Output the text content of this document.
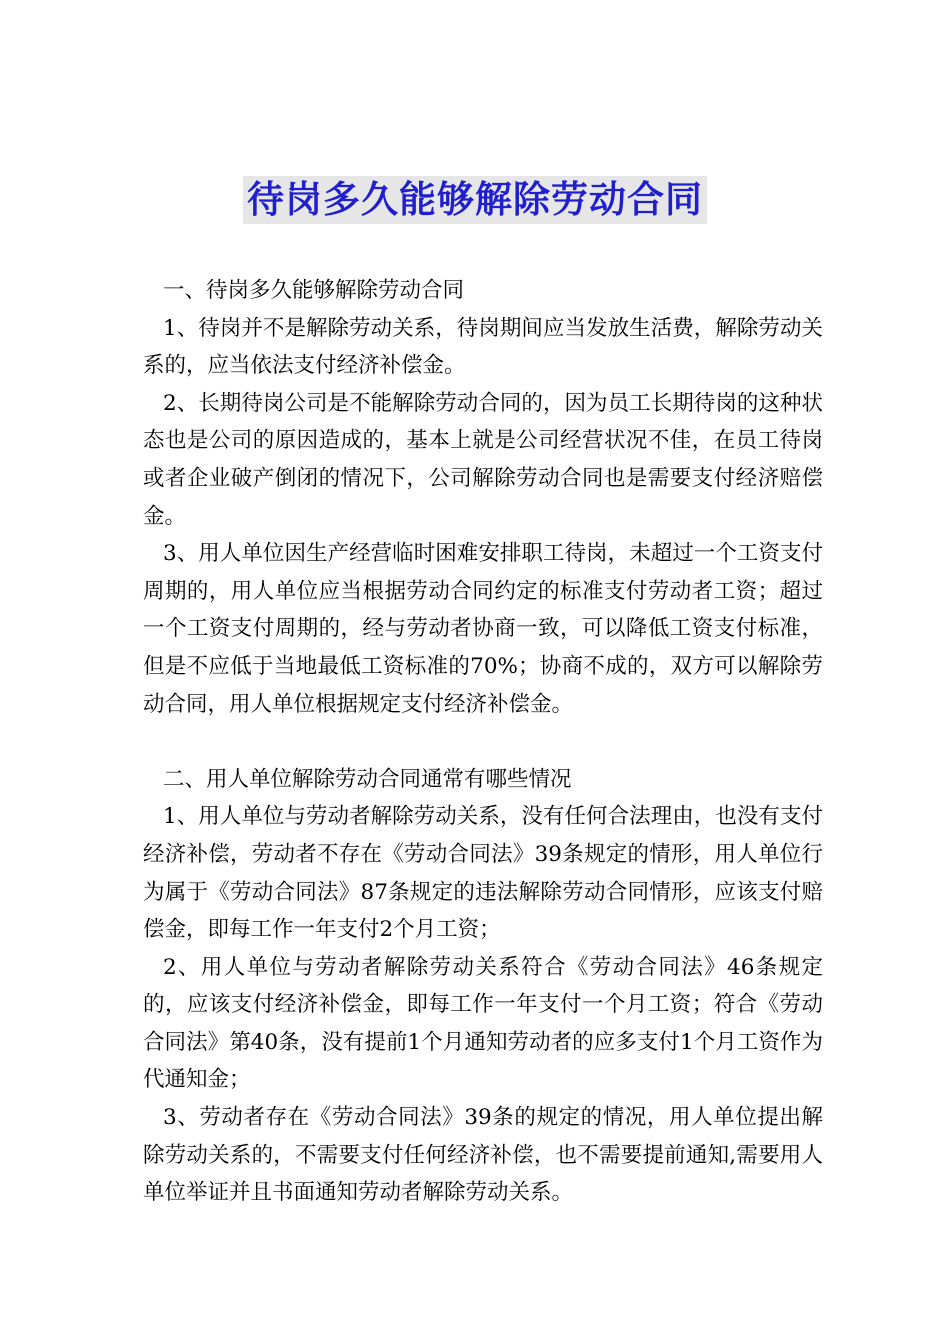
待岗多久能够解除劳动合同

一、待岗多久能够解除劳动合同

1、待岗并不是解除劳动关系，待岗期间应当发放生活费，解除劳动关系的，应当依法支付经济补偿金。

2、长期待岗公司是不能解除劳动合同的，因为员工长期待岗的这种状态也是公司的原因造成的，基本上就是公司经营状况不佳，在员工待岗或者企业破产倒闭的情况下，公司解除劳动合同也是需要支付经济赔偿金。

3、用人单位因生产经营临时困难安排职工待岗，未超过一个工资支付周期的，用人单位应当根据劳动合同约定的标准支付劳动者工资；超过一个工资支付周期的，经与劳动者协商一致，可以降低工资支付标准，但是不应低于当地最低工资标准的70%；协商不成的，双方可以解除劳动合同，用人单位根据规定支付经济补偿金。

二、用人单位解除劳动合同通常有哪些情况

1、用人单位与劳动者解除劳动关系，没有任何合法理由，也没有支付经济补偿，劳动者不存在《劳动合同法》39条规定的情形，用人单位行为属于《劳动合同法》87条规定的违法解除劳动合同情形，应该支付赔偿金，即每工作一年支付2个月工资；

2、用人单位与劳动者解除劳动关系符合《劳动合同法》46条规定的，应该支付经济补偿金，即每工作一年支付一个月工资；符合《劳动合同法》第40条，没有提前1个月通知劳动者的应多支付1个月工资作为代通知金；

3、劳动者存在《劳动合同法》39条的规定的情况，用人单位提出解除劳动关系的，不需要支付任何经济补偿，也不需要提前通知,需要用人单位举证并且书面通知劳动者解除劳动关系。
